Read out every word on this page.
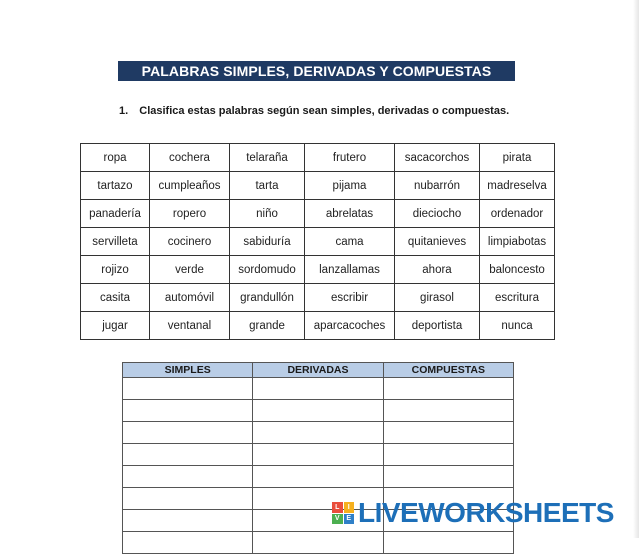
PALABRAS SIMPLES, DERIVADAS Y COMPUESTAS
1. Clasifica estas palabras según sean simples, derivadas o compuestas.
ropa	cochera	telaraña	frutero	sacacorchos	pirata
tartazo	cumpleaños	tarta	pijama	nubarrón	madreselva
panadería	ropero	niño	abrelatas	dieciocho	ordenador
servilleta	cocinero	sabiduría	cama	quitanieves	limpiabotas
rojizo	verde	sordomudo	lanzallamas	ahora	baloncesto
casita	automóvil	grandullón	escribir	girasol	escritura
jugar	ventanal	grande	aparcacoches	deportista	nunca
SIMPLES	DERIVADAS	COMPUESTAS

L	I
V E LIVEWORKSHEETS
